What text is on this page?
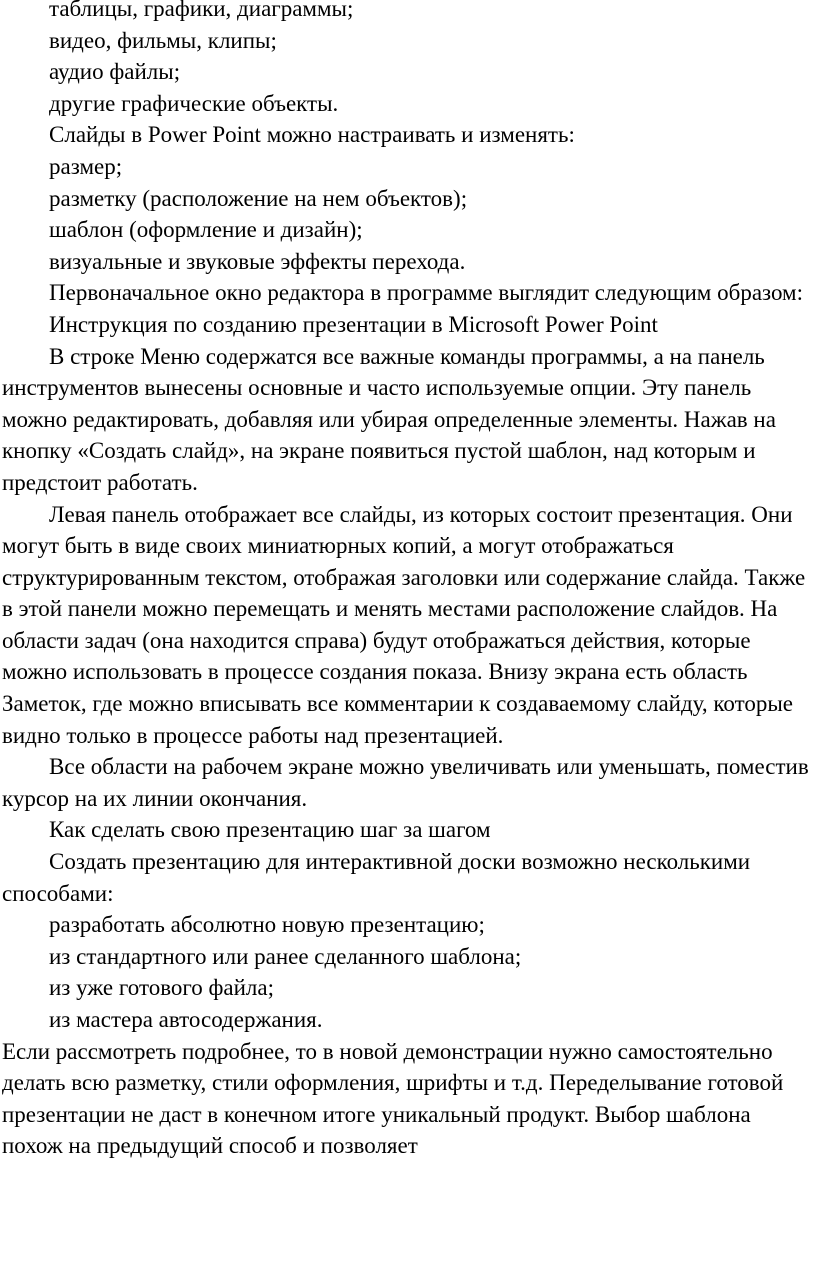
таблицы, графики, диаграммы;

видео, фильмы, клипы;

аудио файлы;

другие графические объекты.

Слайды в Power Point можно настраивать и изменять:

размер;

разметку (расположение на нем объектов);

шаблон (оформление и дизайн);

визуальные и звуковые эффекты перехода.

Первоначальное окно редактора в программе выглядит следующим образом:

Инструкция по созданию презентации в Microsoft Power Point

В строке Меню содержатся все важные команды программы, а на панель инструментов вынесены основные и часто используемые опции. Эту панель можно редактировать, добавляя или убирая определенные элементы. Нажав на кнопку «Создать слайд», на экране появиться пустой шаблон, над которым и предстоит работать.

Левая панель отображает все слайды, из которых состоит презентация. Они могут быть в виде своих миниатюрных копий, а могут отображаться структурированным текстом, отображая заголовки или содержание слайда. Также в этой панели можно перемещать и менять местами расположение слайдов. На области задач (она находится справа) будут отображаться действия, которые можно использовать в процессе создания показа. Внизу экрана есть область Заметок, где можно вписывать все комментарии к создаваемому слайду, которые видно только в процессе работы над презентацией.

Все области на рабочем экране можно увеличивать или уменьшать, поместив курсор на их линии окончания.

Как сделать свою презентацию шаг за шагом

Создать презентацию для интерактивной доски возможно несколькими способами:

разработать абсолютно новую презентацию;

из стандартного или ранее сделанного шаблона;

из уже готового файла;

из мастера автосодержания.

Если рассмотреть подробнее, то в новой демонстрации нужно самостоятельно делать всю разметку, стили оформления, шрифты и т.д. Переделывание готовой презентации не даст в конечном итоге уникальный продукт. Выбор шаблона похож на предыдущий способ и позволяет
